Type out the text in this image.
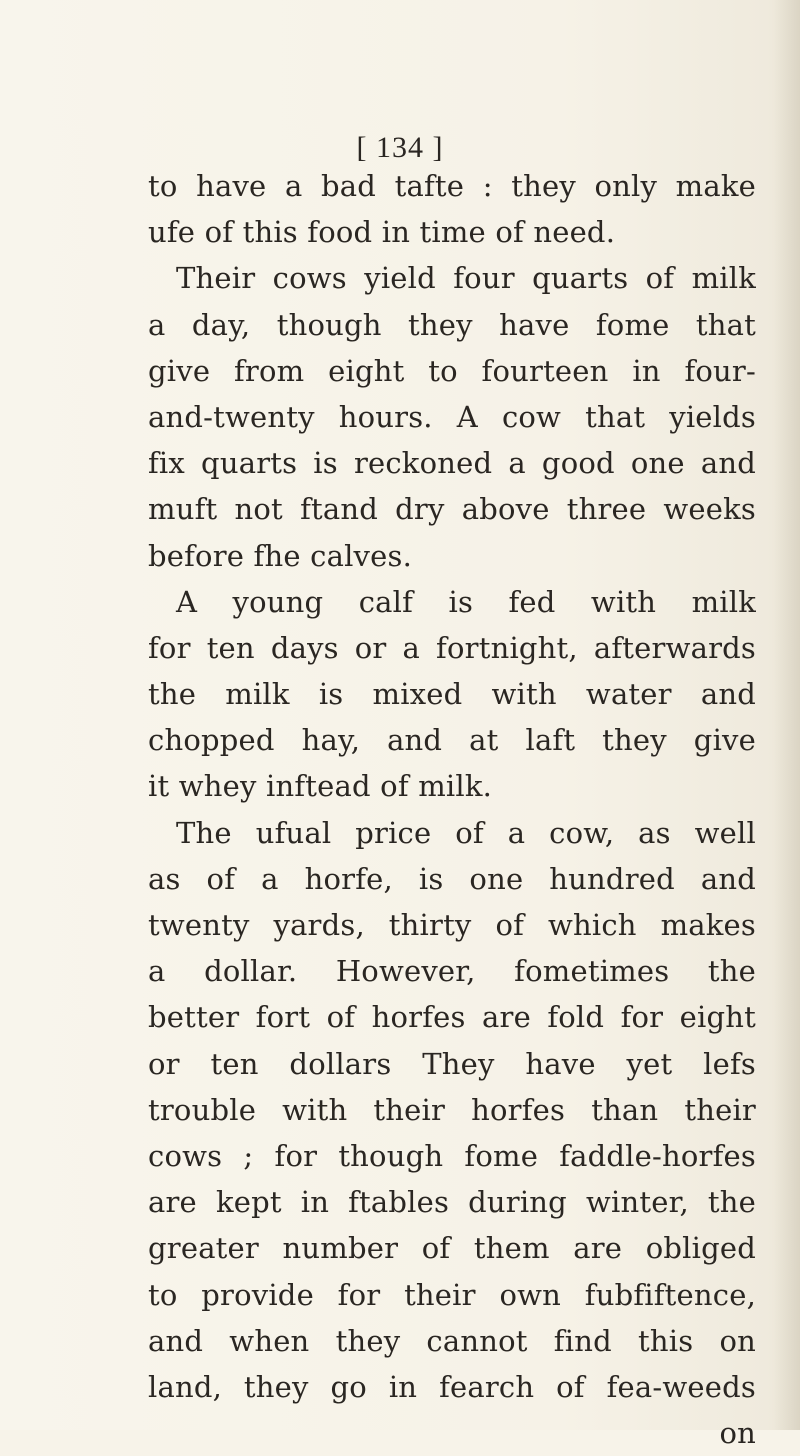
[ 134 ]
to have a bad tafte : they only make
ufe of this food in time of need.
Their cows yield four quarts of milk
a day, though they have fome that
give from eight to fourteen in four-
and-twenty hours. A cow that yields
fix quarts is reckoned a good one and
muft not ftand dry above three weeks
before fhe calves.
A young calf is fed with milk
for ten days or a fortnight, afterwards
the milk is mixed with water and
chopped hay, and at laft they give
it whey inftead of milk.
The ufual price of a cow, as well
as of a horfe, is one hundred and
twenty yards, thirty of which makes
a dollar. However, fometimes the
better fort of horfes are fold for eight
or ten dollars They have yet lefs
trouble with their horfes than their
cows ; for though fome faddle-horfes
are kept in ftables during winter, the
greater number of them are obliged
to provide for their own fubfiftence,
and when they cannot find this on
land, they go in fearch of fea-weeds
on
